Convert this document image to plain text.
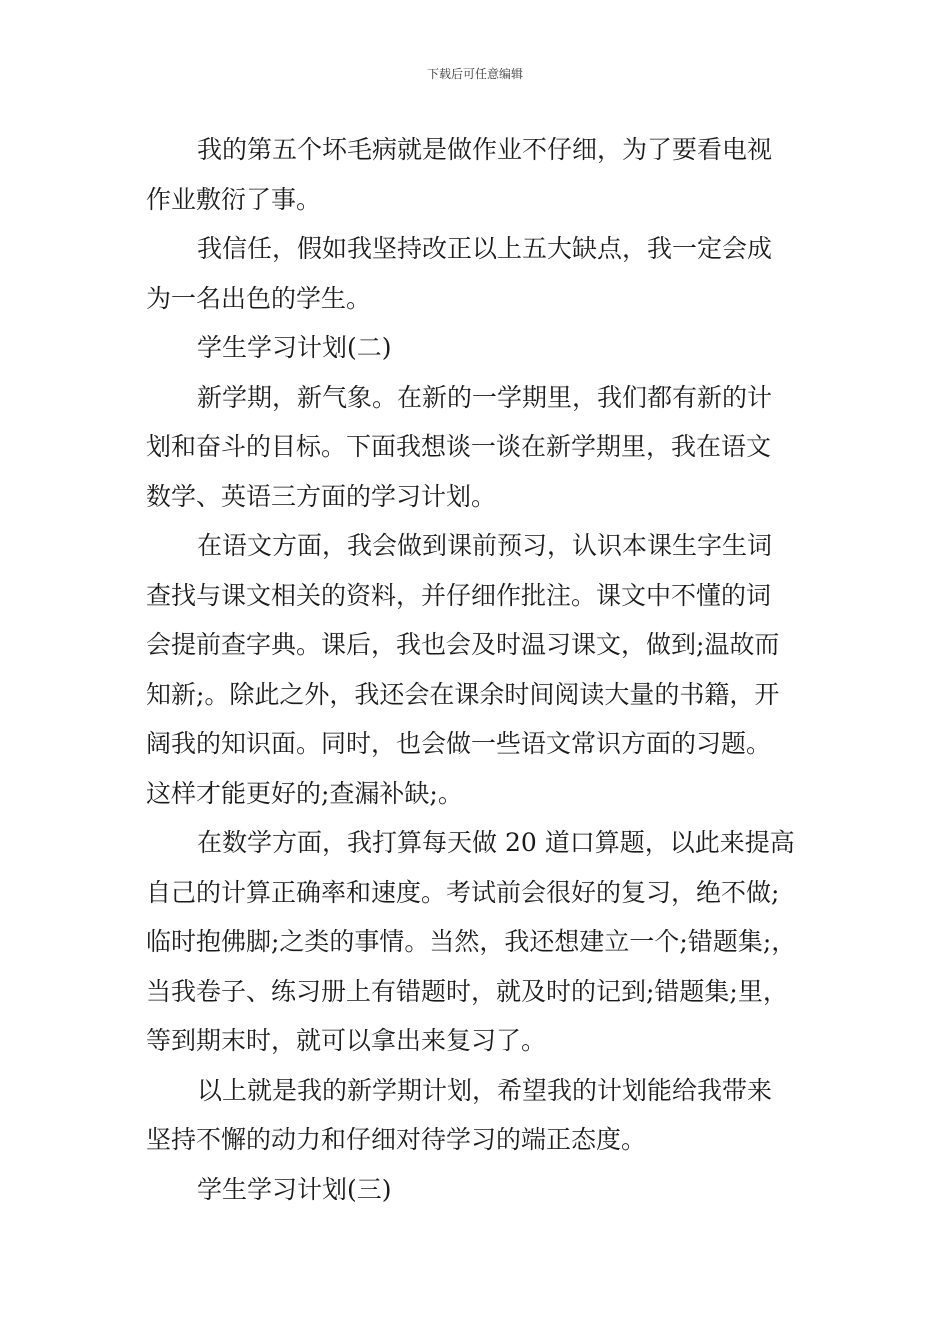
下载后可任意编辑
我的第五个坏毛病就是做作业不仔细，为了要看电视
作业敷衍了事。
我信任，假如我坚持改正以上五大缺点，我一定会成
为一名出色的学生。
学生学习计划(二)
新学期，新气象。在新的一学期里，我们都有新的计
划和奋斗的目标。下面我想谈一谈在新学期里，我在语文
数学、英语三方面的学习计划。
在语文方面，我会做到课前预习，认识本课生字生词
查找与课文相关的资料，并仔细作批注。课文中不懂的词
会提前查字典。课后，我也会及时温习课文，做到;温故而
知新;。除此之外，我还会在课余时间阅读大量的书籍，开
阔我的知识面。同时，也会做一些语文常识方面的习题。
这样才能更好的;查漏补缺;。
在数学方面，我打算每天做 20 道口算题，以此来提高
自己的计算正确率和速度。考试前会很好的复习，绝不做;
临时抱佛脚;之类的事情。当然，我还想建立一个;错题集;，
当我卷子、练习册上有错题时，就及时的记到;错题集;里，
等到期末时，就可以拿出来复习了。
以上就是我的新学期计划，希望我的计划能给我带来
坚持不懈的动力和仔细对待学习的端正态度。
学生学习计划(三)
